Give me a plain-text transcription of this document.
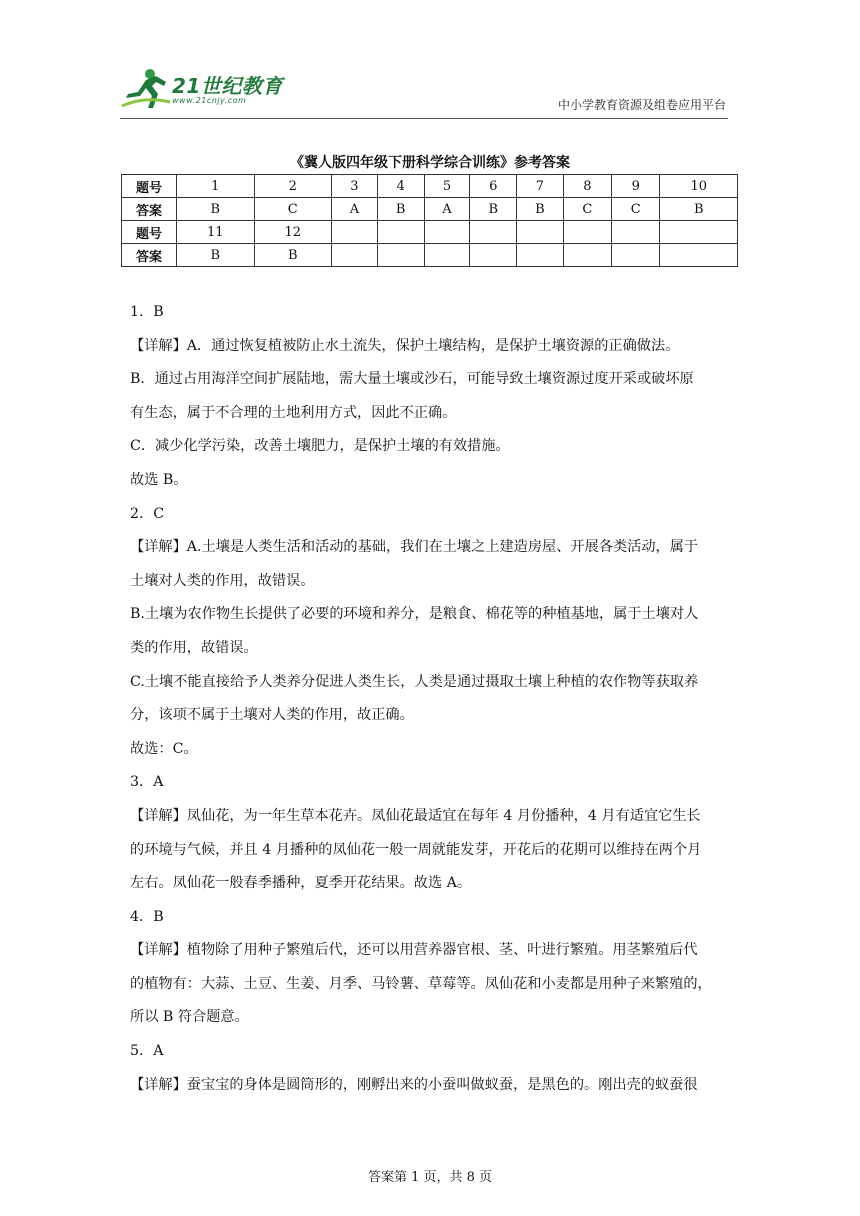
21世纪教育
www.21cnjy.com	中小学教育资源及组卷应用平台
《冀人版四年级下册科学综合训练》参考答案
题号	1	2	3	4	5	6	7	8	9	10
答案	B	C	A	B	A	B	B	C	C	B
题号	11	12								
答案	B	B								

1．B

【详解】A．通过恢复植被防止水土流失，保护土壤结构，是保护土壤资源的正确做法。

B．通过占用海洋空间扩展陆地，需大量土壤或沙石，可能导致土壤资源过度开采或破坏原

有生态，属于不合理的土地利用方式，因此不正确。

C．减少化学污染，改善土壤肥力，是保护土壤的有效措施。

故选 B。

2．C

【详解】A.土壤是人类生活和活动的基础，我们在土壤之上建造房屋、开展各类活动，属于

土壤对人类的作用，故错误。

B.土壤为农作物生长提供了必要的环境和养分，是粮食、棉花等的种植基地，属于土壤对人

类的作用，故错误。

C.土壤不能直接给予人类养分促进人类生长，人类是通过摄取土壤上种植的农作物等获取养

分，该项不属于土壤对人类的作用，故正确。

故选：C。

3．A

【详解】凤仙花，为一年生草本花卉。凤仙花最适宜在每年 4 月份播种，4 月有适宜它生长

的环境与气候，并且 4 月播种的凤仙花一般一周就能发芽，开花后的花期可以维持在两个月

左右。凤仙花一般春季播种，夏季开花结果。故选 A。

4．B

【详解】植物除了用种子繁殖后代，还可以用营养器官根、茎、叶进行繁殖。用茎繁殖后代

的植物有：大蒜、土豆、生姜、月季、马铃薯、草莓等。凤仙花和小麦都是用种子来繁殖的，

所以 B 符合题意。

5．A

【详解】蚕宝宝的身体是圆筒形的，刚孵出来的小蚕叫做蚁蚕，是黑色的。刚出壳的蚁蚕很

答案第 1 页，共 8 页
